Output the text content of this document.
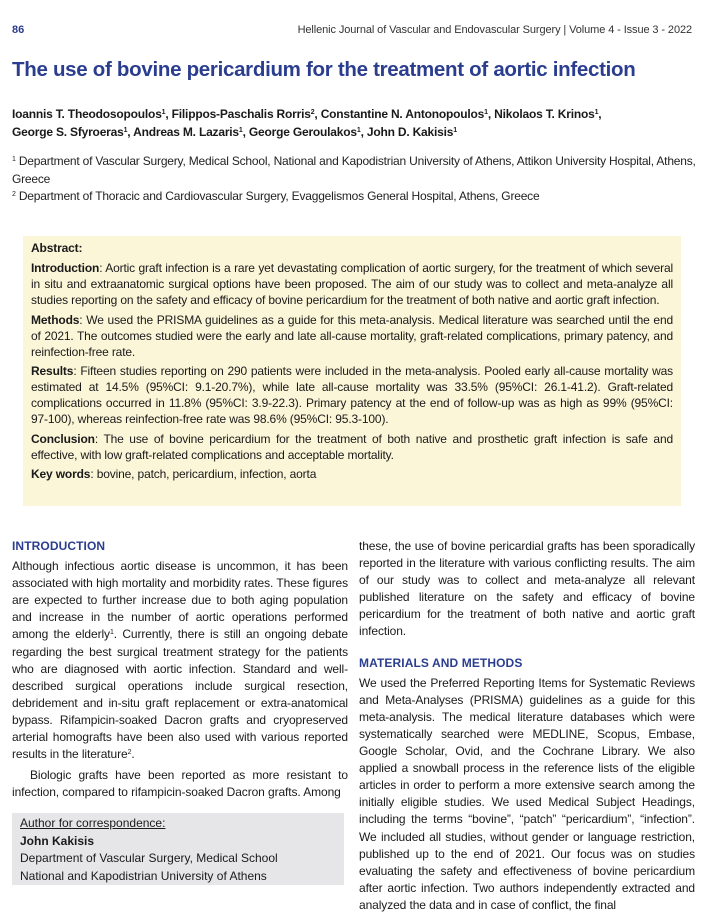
86	Hellenic Journal of Vascular and Endovascular Surgery | Volume 4 - Issue 3 - 2022
The use of bovine pericardium for the treatment of aortic infection
Ioannis T. Theodosopoulos$^1$, Filippos-Paschalis Rorris$^2$, Constantine N. Antonopoulos$^1$, Nikolaos T. Krinos$^1$,
George S. Sfyroeras$^1$, Andreas M. Lazaris$^1$, George Geroulakos$^1$, John D. Kakisis$^1$
$^1$ Department of Vascular Surgery, Medical School, National and Kapodistrian University of Athens, Attikon University Hospital, Athens, Greece
$^2$ Department of Thoracic and Cardiovascular Surgery, Evaggelismos General Hospital, Athens, Greece

Abstract:

Introduction: Aortic graft infection is a rare yet devastating complication of aortic surgery, for the treatment of which several in situ and extraanatomic surgical options have been proposed. The aim of our study was to collect and meta-analyze all studies reporting on the safety and efficacy of bovine pericardium for the treatment of both native and aortic graft infection.

Methods: We used the PRISMA guidelines as a guide for this meta-analysis. Medical literature was searched until the end of 2021. The outcomes studied were the early and late all-cause mortality, graft-related complications, primary patency, and reinfection-free rate.

Results: Fifteen studies reporting on 290 patients were included in the meta-analysis. Pooled early all-cause mortality was estimated at 14.5% (95%CI: 9.1-20.7%), while late all-cause mortality was 33.5% (95%CI: 26.1-41.2). Graft-related complications occurred in 11.8% (95%CI: 3.9-22.3). Primary patency at the end of follow-up was as high as 99% (95%CI: 97-100), whereas reinfection-free rate was 98.6% (95%CI: 95.3-100).

Conclusion: The use of bovine pericardium for the treatment of both native and prosthetic graft infection is safe and effective, with low graft-related complications and acceptable mortality.

Key words: bovine, patch, pericardium, infection, aorta

INTRODUCTION

Although infectious aortic disease is uncommon, it has been associated with high mortality and morbidity rates. These figures are expected to further increase due to both aging population and increase in the number of aortic operations performed among the elderly$^1$. Currently, there is still an ongoing debate regarding the best surgical treatment strategy for the patients who are diagnosed with aortic infection. Standard and well-described surgical operations include surgical resection, debridement and in-situ graft replacement or extra-anatomical bypass. Rifampicin-soaked Dacron grafts and cryopreserved arterial homografts have been also used with various reported results in the literature$^2$.

Biologic grafts have been reported as more resistant to infection, compared to rifampicin-soaked Dacron grafts. Among

these, the use of bovine pericardial grafts has been sporadically reported in the literature with various conflicting results. The aim of our study was to collect and meta-analyze all relevant published literature on the safety and efficacy of bovine pericardium for the treatment of both native and aortic graft infection.

MATERIALS AND METHODS

We used the Preferred Reporting Items for Systematic Reviews and Meta-Analyses (PRISMA) guidelines as a guide for this meta-analysis. The medical literature databases which were systematically searched were MEDLINE, Scopus, Embase, Google Scholar, Ovid, and the Cochrane Library. We also applied a snowball process in the reference lists of the eligible articles in order to perform a more extensive search among the initially eligible studies. We used Medical Subject Headings, including the terms “bovine”, “patch” “pericardium”, “infection”. We included all studies, without gender or language restriction, published up to the end of 2021. Our focus was on studies evaluating the safety and effectiveness of bovine pericardium after aortic infection. Two authors independently extracted and analyzed the data and in case of conflict, the final

Author for correspondence:
John Kakisis
Department of Vascular Surgery, Medical School
National and Kapodistrian University of Athens
